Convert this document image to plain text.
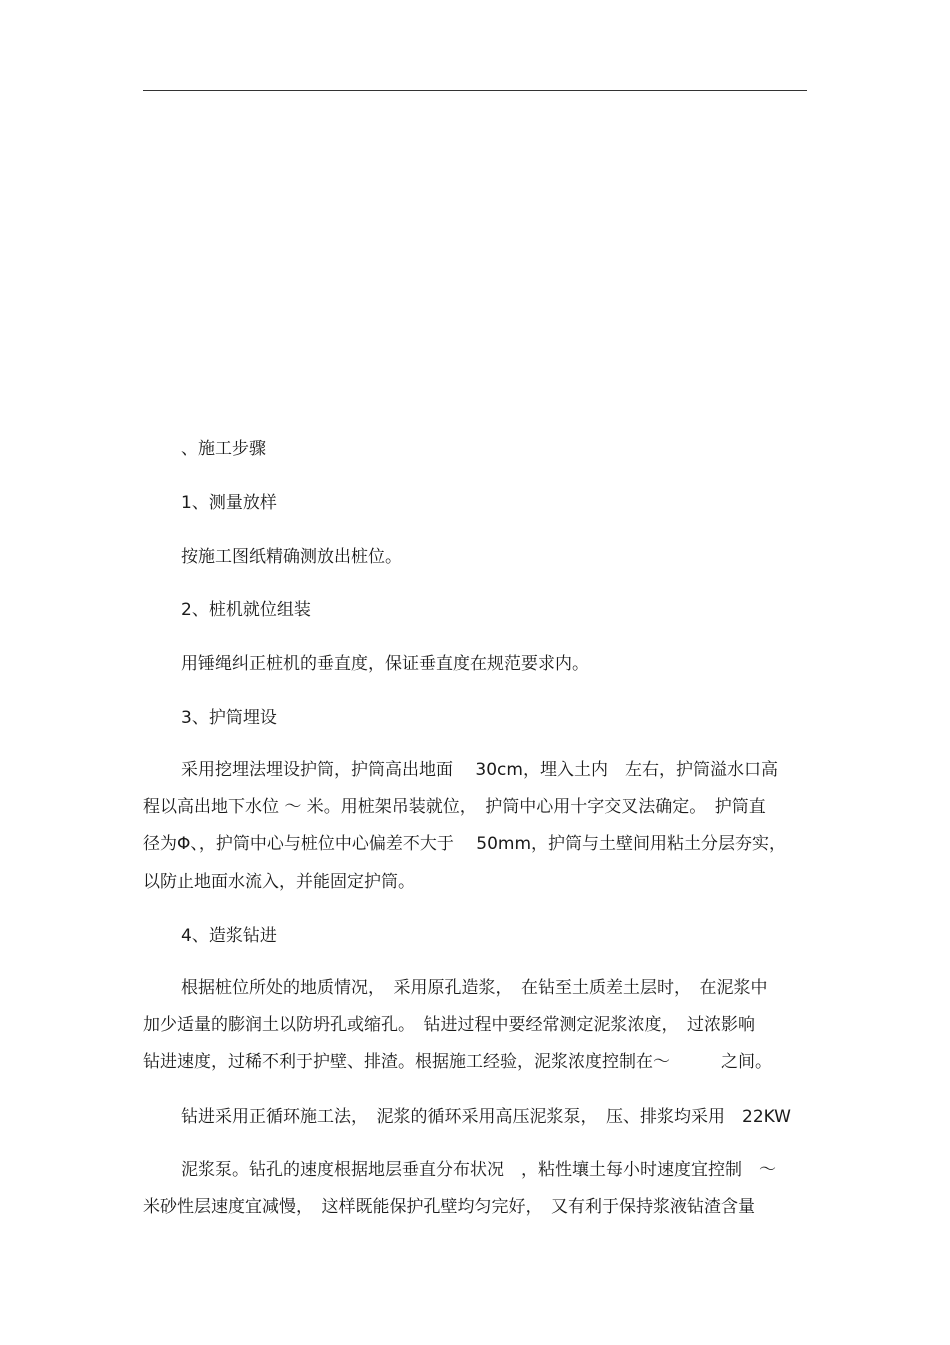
、施工步骤
1、测量放样
按施工图纸精确测放出桩位。
2、桩机就位组装
用锤绳纠正桩机的垂直度，保证垂直度在规范要求内。
3、护筒埋设
采用挖埋法埋设护筒，护筒高出地面　 30cm，埋入土内　左右，护筒溢水口高
程以高出地下水位 ～ 米。用桩架吊装就位，　护筒中心用十字交叉法确定。　护筒直
径为Φ、，护筒中心与桩位中心偏差不大于　 50mm，护筒与土壁间用粘土分层夯实，
以防止地面水流入，并能固定护筒。
4、造浆钻进
根据桩位所处的地质情况，　采用原孔造浆，　在钻至土质差土层时，　在泥浆中
加少适量的膨润土以防坍孔或缩孔。　钻进过程中要经常测定泥浆浓度，　过浓影响
钻进速度，过稀不利于护壁、排渣。根据施工经验，泥浆浓度控制在～　　　之间。
钻进采用正循环施工法，　泥浆的循环采用高压泥浆泵，　压、排浆均采用　22KW
泥浆泵。钻孔的速度根据地层垂直分布状况　，粘性壤土每小时速度宜控制　～
米砂性层速度宜减慢，　这样既能保护孔壁均匀完好，　又有利于保持浆液钻渣含量
